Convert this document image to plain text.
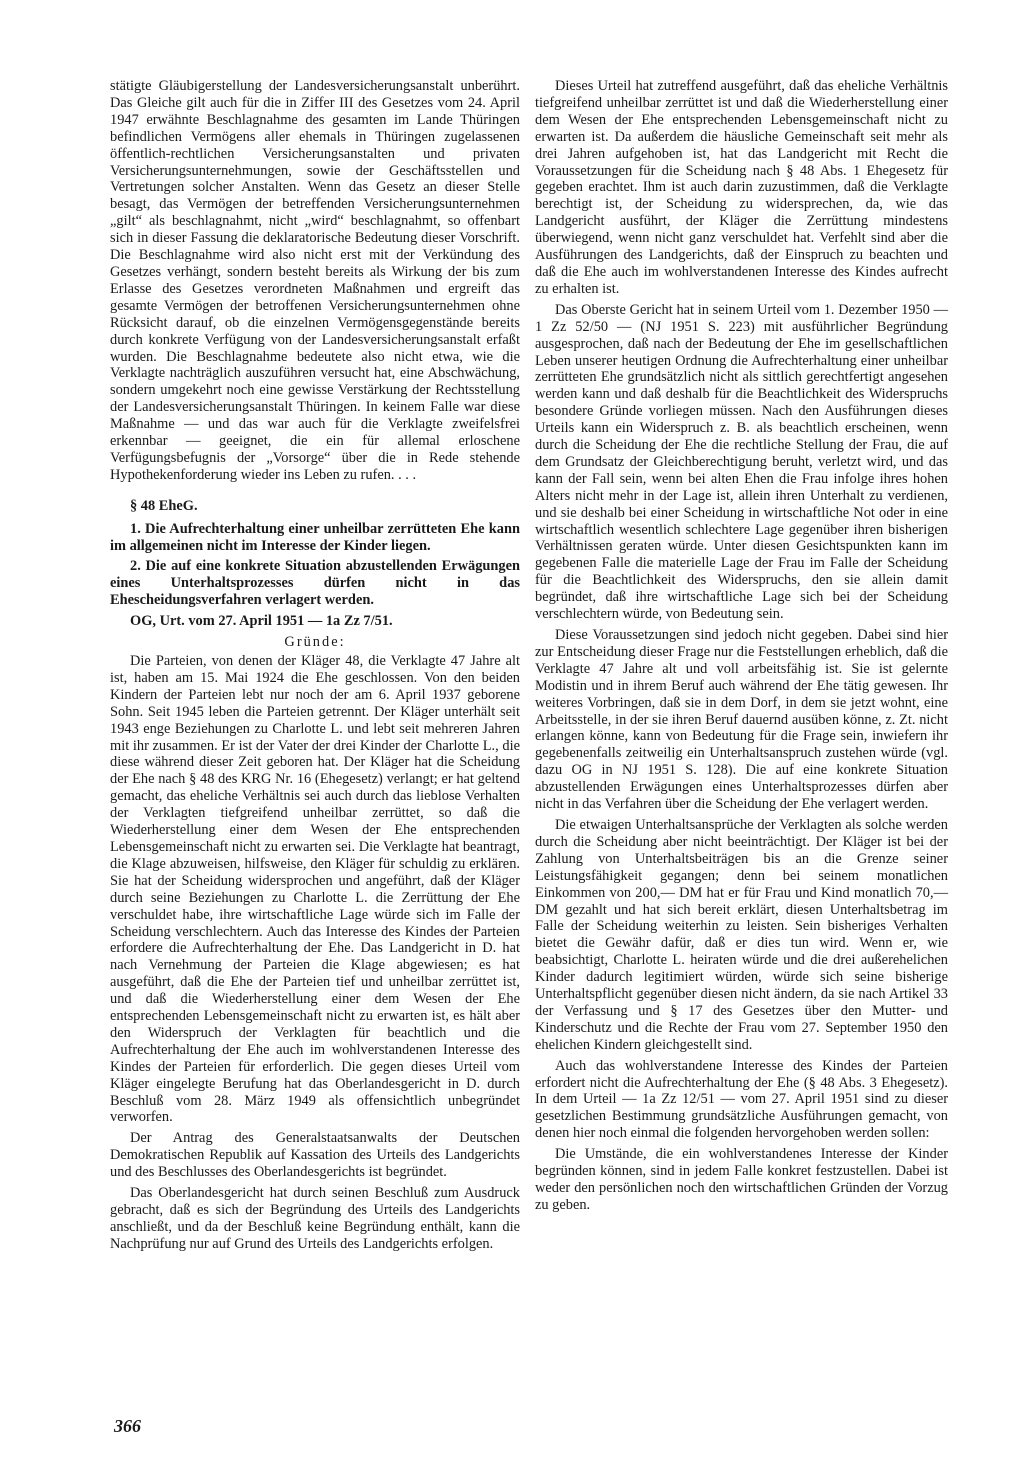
stätigte Gläubigerstellung der Landesversicherungsanstalt unberührt. Das Gleiche gilt auch für die in Ziffer III des Gesetzes vom 24. April 1947 erwähnte Beschlagnahme des gesamten im Lande Thüringen befindlichen Vermögens aller ehemals in Thüringen zugelassenen öffentlich-rechtlichen Versicherungsanstalten und privaten Versicherungsunternehmungen, sowie der Geschäftsstellen und Vertretungen solcher Anstalten. Wenn das Gesetz an dieser Stelle besagt, das Vermögen der betreffenden Versicherungsunternehmen „gilt“ als beschlagnahmt, nicht „wird“ beschlagnahmt, so offenbart sich in dieser Fassung die deklaratorische Bedeutung dieser Vorschrift. Die Beschlagnahme wird also nicht erst mit der Verkündung des Gesetzes verhängt, sondern besteht bereits als Wirkung der bis zum Erlasse des Gesetzes verordneten Maßnahmen und ergreift das gesamte Vermögen der betroffenen Versicherungsunternehmen ohne Rücksicht darauf, ob die einzelnen Vermögensgegenstände bereits durch konkrete Verfügung von der Landesversicherungsanstalt erfaßt wurden. Die Beschlagnahme bedeutete also nicht etwa, wie die Verklagte nachträglich auszuführen versucht hat, eine Abschwächung, sondern umgekehrt noch eine gewisse Verstärkung der Rechtsstellung der Landesversicherungsanstalt Thüringen. In keinem Falle war diese Maßnahme — und das war auch für die Verklagte zweifelsfrei erkennbar — geeignet, die ein für allemal erloschene Verfügungsbefugnis der „Vorsorge“ über die in Rede stehende Hypothekenforderung wieder ins Leben zu rufen. . . .

§ 48 EheG.

1. Die Aufrechterhaltung einer unheilbar zerrütteten Ehe kann im allgemeinen nicht im Interesse der Kinder liegen.

2. Die auf eine konkrete Situation abzustellenden Erwägungen eines Unterhaltsprozesses dürfen nicht in das Ehescheidungsverfahren verlagert werden.

OG, Urt. vom 27. April 1951 — 1a Zz 7/51.

Gründe:

Die Parteien, von denen der Kläger 48, die Verklagte 47 Jahre alt ist, haben am 15. Mai 1924 die Ehe geschlossen. Von den beiden Kindern der Parteien lebt nur noch der am 6. April 1937 geborene Sohn. Seit 1945 leben die Parteien getrennt. Der Kläger unterhält seit 1943 enge Beziehungen zu Charlotte L. und lebt seit mehreren Jahren mit ihr zusammen. Er ist der Vater der drei Kinder der Charlotte L., die diese während dieser Zeit geboren hat. Der Kläger hat die Scheidung der Ehe nach § 48 des KRG Nr. 16 (Ehegesetz) verlangt; er hat geltend gemacht, das eheliche Verhältnis sei auch durch das lieblose Verhalten der Verklagten tiefgreifend unheilbar zerrüttet, so daß die Wiederherstellung einer dem Wesen der Ehe entsprechenden Lebensgemeinschaft nicht zu erwarten sei. Die Verklagte hat beantragt, die Klage abzuweisen, hilfsweise, den Kläger für schuldig zu erklären. Sie hat der Scheidung widersprochen und angeführt, daß der Kläger durch seine Beziehungen zu Charlotte L. die Zerrüttung der Ehe verschuldet habe, ihre wirtschaftliche Lage würde sich im Falle der Scheidung verschlechtern. Auch das Interesse des Kindes der Parteien erfordere die Aufrechterhaltung der Ehe. Das Landgericht in D. hat nach Vernehmung der Parteien die Klage abgewiesen; es hat ausgeführt, daß die Ehe der Parteien tief und unheilbar zerrüttet ist, und daß die Wiederherstellung einer dem Wesen der Ehe entsprechenden Lebensgemeinschaft nicht zu erwarten ist, es hält aber den Widerspruch der Verklagten für beachtlich und die Aufrechterhaltung der Ehe auch im wohlverstandenen Interesse des Kindes der Parteien für erforderlich. Die gegen dieses Urteil vom Kläger eingelegte Berufung hat das Oberlandesgericht in D. durch Beschluß vom 28. März 1949 als offensichtlich unbegründet verworfen.

Der Antrag des Generalstaatsanwalts der Deutschen Demokratischen Republik auf Kassation des Urteils des Landgerichts und des Beschlusses des Oberlandesgerichts ist begründet.

Das Oberlandesgericht hat durch seinen Beschluß zum Ausdruck gebracht, daß es sich der Begründung des Urteils des Landgerichts anschließt, und da der Beschluß keine Begründung enthält, kann die Nachprüfung nur auf Grund des Urteils des Landgerichts erfolgen.

Dieses Urteil hat zutreffend ausgeführt, daß das eheliche Verhältnis tiefgreifend unheilbar zerrüttet ist und daß die Wiederherstellung einer dem Wesen der Ehe entsprechenden Lebensgemeinschaft nicht zu erwarten ist. Da außerdem die häusliche Gemeinschaft seit mehr als drei Jahren aufgehoben ist, hat das Landgericht mit Recht die Voraussetzungen für die Scheidung nach § 48 Abs. 1 Ehegesetz für gegeben erachtet. Ihm ist auch darin zuzustimmen, daß die Verklagte berechtigt ist, der Scheidung zu widersprechen, da, wie das Landgericht ausführt, der Kläger die Zerrüttung mindestens überwiegend, wenn nicht ganz verschuldet hat. Verfehlt sind aber die Ausführungen des Landgerichts, daß der Einspruch zu beachten und daß die Ehe auch im wohlverstandenen Interesse des Kindes aufrecht zu erhalten ist.

Das Oberste Gericht hat in seinem Urteil vom 1. Dezember 1950 — 1 Zz 52/50 — (NJ 1951 S. 223) mit ausführlicher Begründung ausgesprochen, daß nach der Bedeutung der Ehe im gesellschaftlichen Leben unserer heutigen Ordnung die Aufrechterhaltung einer unheilbar zerrütteten Ehe grundsätzlich nicht als sittlich gerechtfertigt angesehen werden kann und daß deshalb für die Beachtlichkeit des Widerspruchs besondere Gründe vorliegen müssen. Nach den Ausführungen dieses Urteils kann ein Widerspruch z. B. als beachtlich erscheinen, wenn durch die Scheidung der Ehe die rechtliche Stellung der Frau, die auf dem Grundsatz der Gleichberechtigung beruht, verletzt wird, und das kann der Fall sein, wenn bei alten Ehen die Frau infolge ihres hohen Alters nicht mehr in der Lage ist, allein ihren Unterhalt zu verdienen, und sie deshalb bei einer Scheidung in wirtschaftliche Not oder in eine wirtschaftlich wesentlich schlechtere Lage gegenüber ihren bisherigen Verhältnissen geraten würde. Unter diesen Gesichtspunkten kann im gegebenen Falle die materielle Lage der Frau im Falle der Scheidung für die Beachtlichkeit des Widerspruchs, den sie allein damit begründet, daß ihre wirtschaftliche Lage sich bei der Scheidung verschlechtern würde, von Bedeutung sein.

Diese Voraussetzungen sind jedoch nicht gegeben. Dabei sind hier zur Entscheidung dieser Frage nur die Feststellungen erheblich, daß die Verklagte 47 Jahre alt und voll arbeitsfähig ist. Sie ist gelernte Modistin und in ihrem Beruf auch während der Ehe tätig gewesen. Ihr weiteres Vorbringen, daß sie in dem Dorf, in dem sie jetzt wohnt, eine Arbeitsstelle, in der sie ihren Beruf dauernd ausüben könne, z. Zt. nicht erlangen könne, kann von Bedeutung für die Frage sein, inwiefern ihr gegebenenfalls zeitweilig ein Unterhaltsanspruch zustehen würde (vgl. dazu OG in NJ 1951 S. 128). Die auf eine konkrete Situation abzustellenden Erwägungen eines Unterhaltsprozesses dürfen aber nicht in das Verfahren über die Scheidung der Ehe verlagert werden.

Die etwaigen Unterhaltsansprüche der Verklagten als solche werden durch die Scheidung aber nicht beeinträchtigt. Der Kläger ist bei der Zahlung von Unterhaltsbeiträgen bis an die Grenze seiner Leistungsfähigkeit gegangen; denn bei seinem monatlichen Einkommen von 200,— DM hat er für Frau und Kind monatlich 70,— DM gezahlt und hat sich bereit erklärt, diesen Unterhaltsbetrag im Falle der Scheidung weiterhin zu leisten. Sein bisheriges Verhalten bietet die Gewähr dafür, daß er dies tun wird. Wenn er, wie beabsichtigt, Charlotte L. heiraten würde und die drei außerehelichen Kinder dadurch legitimiert würden, würde sich seine bisherige Unterhaltspflicht gegenüber diesen nicht ändern, da sie nach Artikel 33 der Verfassung und § 17 des Gesetzes über den Mutter- und Kinderschutz und die Rechte der Frau vom 27. September 1950 den ehelichen Kindern gleichgestellt sind.

Auch das wohlverstandene Interesse des Kindes der Parteien erfordert nicht die Aufrechterhaltung der Ehe (§ 48 Abs. 3 Ehegesetz). In dem Urteil — 1a Zz 12/51 — vom 27. April 1951 sind zu dieser gesetzlichen Bestimmung grundsätzliche Ausführungen gemacht, von denen hier noch einmal die folgenden hervorgehoben werden sollen:

Die Umstände, die ein wohlverstandenes Interesse der Kinder begründen können, sind in jedem Falle konkret festzustellen. Dabei ist weder den persönlichen noch den wirtschaftlichen Gründen der Vorzug zu geben.

366
